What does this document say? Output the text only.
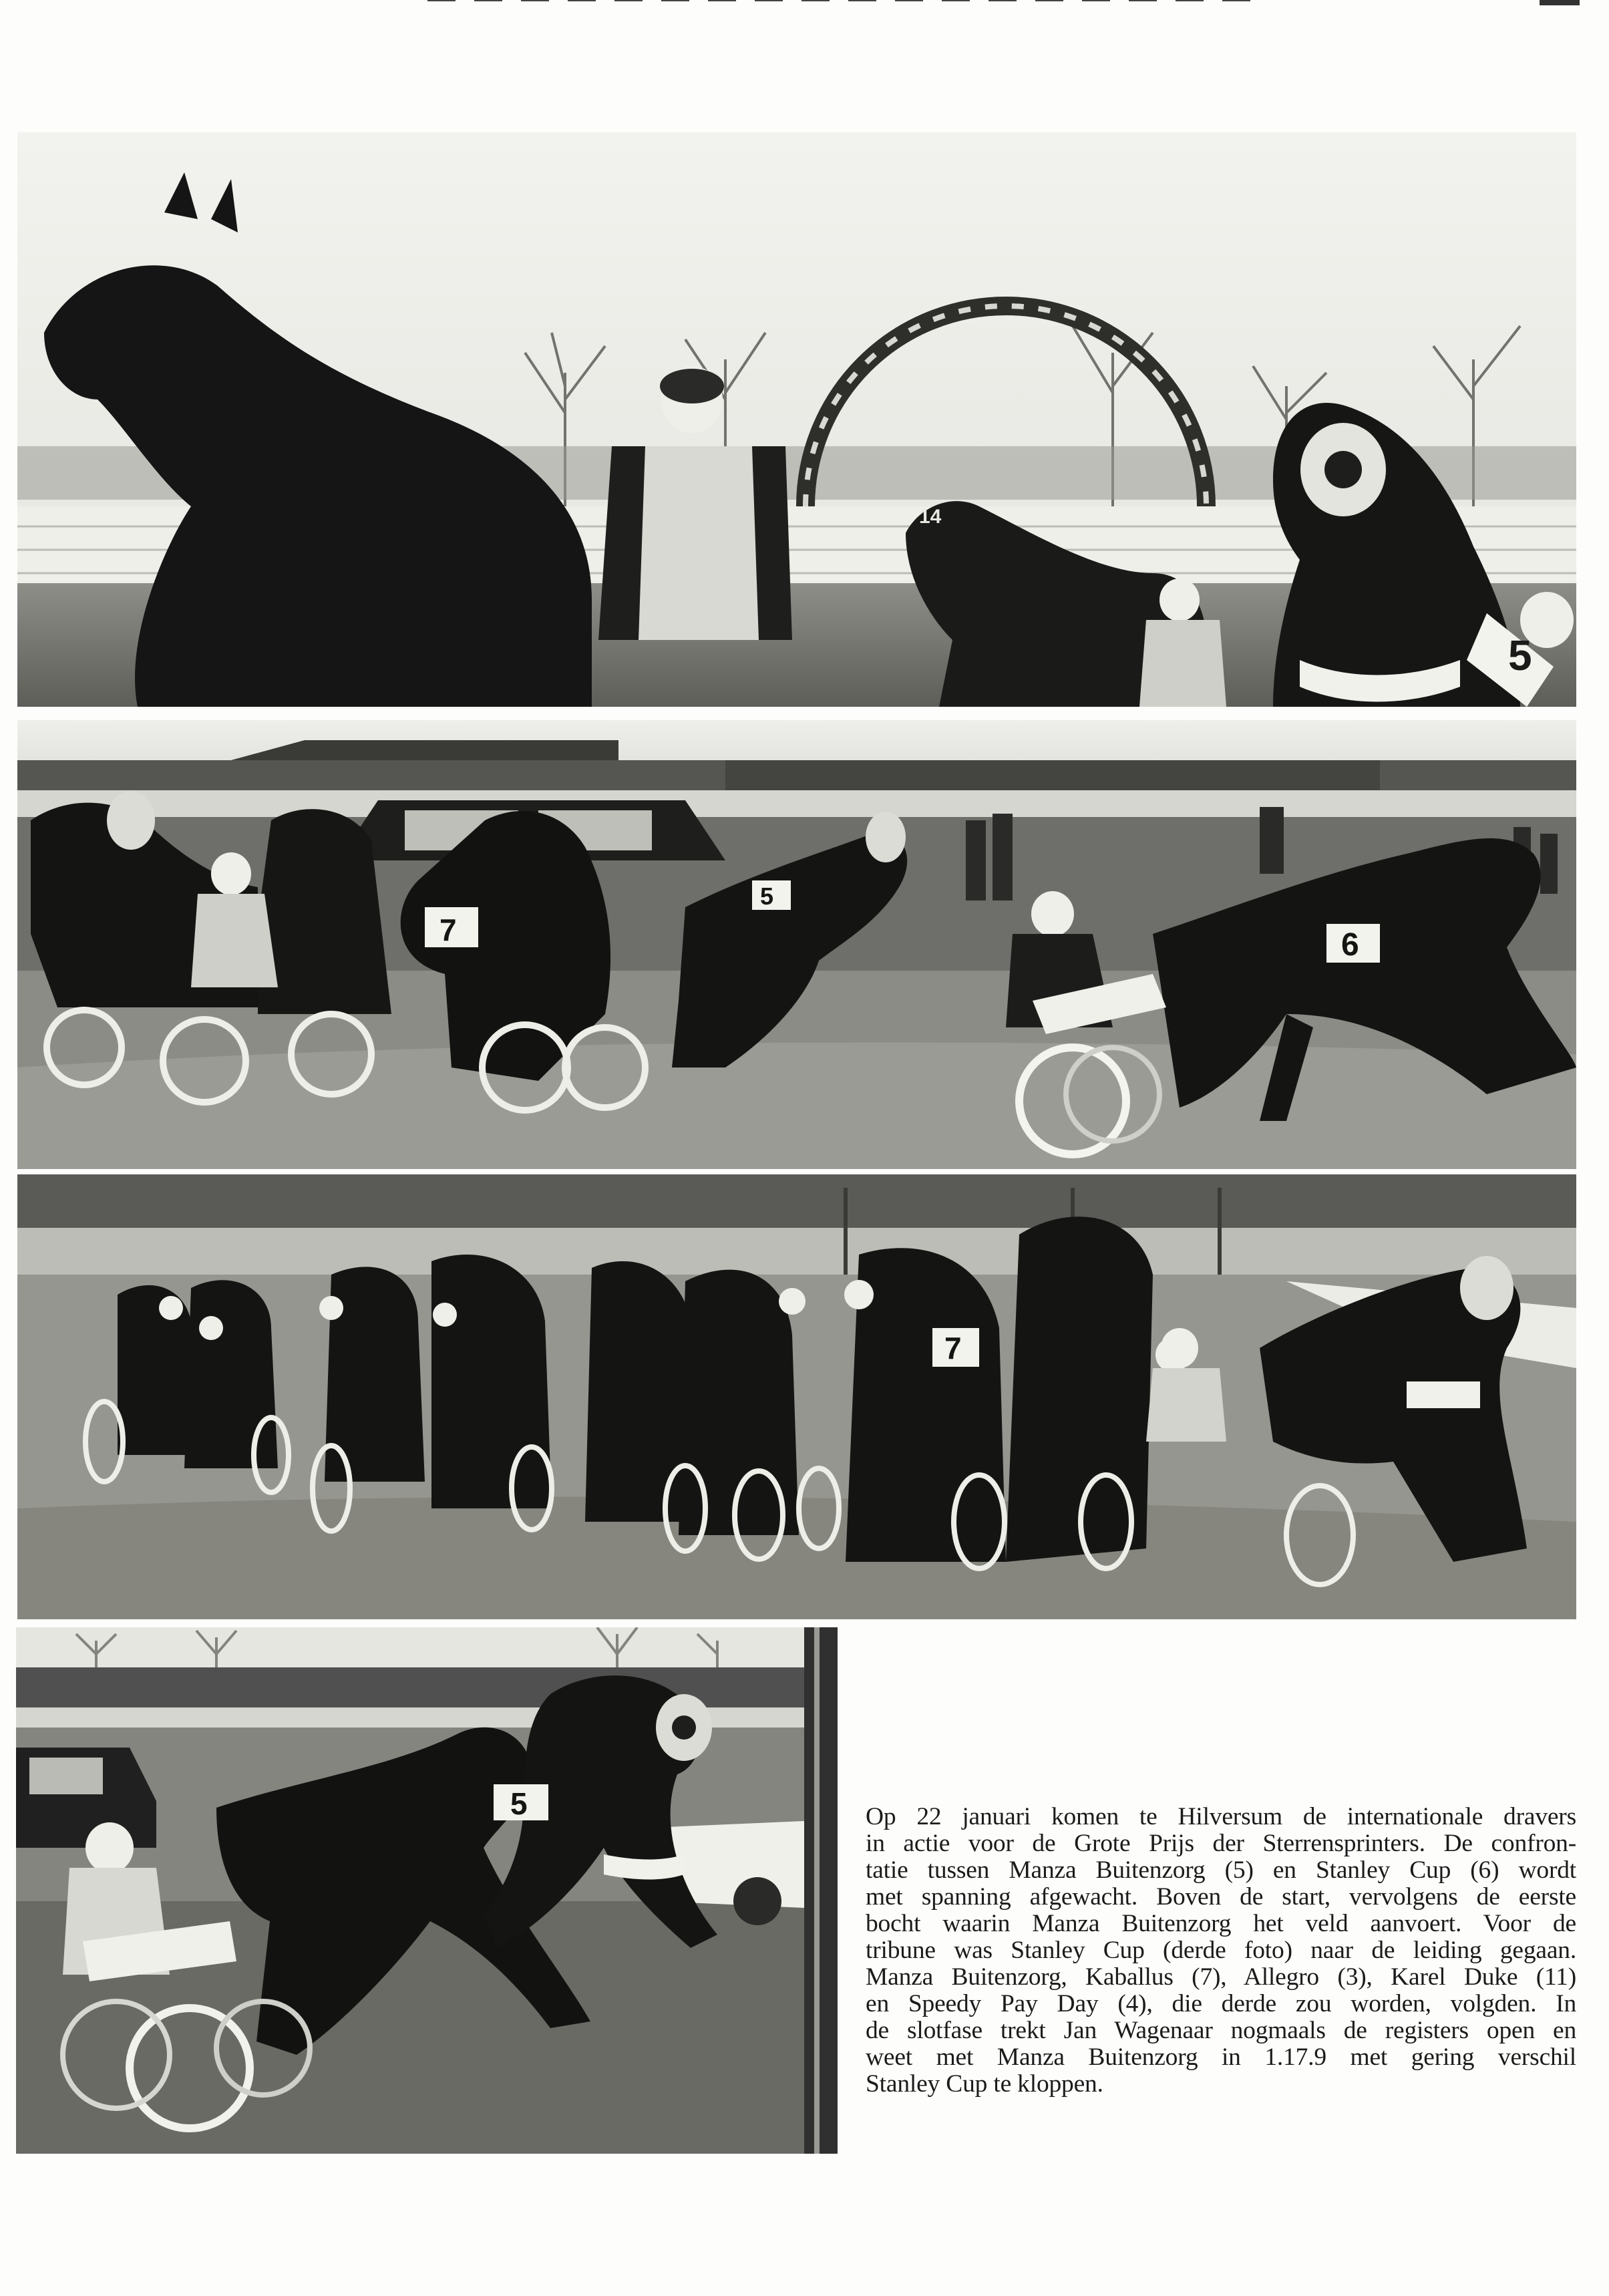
5
14
7
5
6
7
5	Op 22 januari komen te Hilversum de internationale dravers
in actie voor de Grote Prijs der Sterrensprinters. De confron-
tatie tussen Manza Buitenzorg (5) en Stanley Cup (6) wordt
met spanning afgewacht. Boven de start, vervolgens de eerste
bocht waarin Manza Buitenzorg het veld aanvoert. Voor de
tribune was Stanley Cup (derde foto) naar de leiding gegaan.
Manza Buitenzorg, Kaballus (7), Allegro (3), Karel Duke (11)
en Speedy Pay Day (4), die derde zou worden, volgden. In
de slotfase trekt Jan Wagenaar nogmaals de registers open en
weet met Manza Buitenzorg in 1.17.9 met gering verschil
Stanley Cup te kloppen.
